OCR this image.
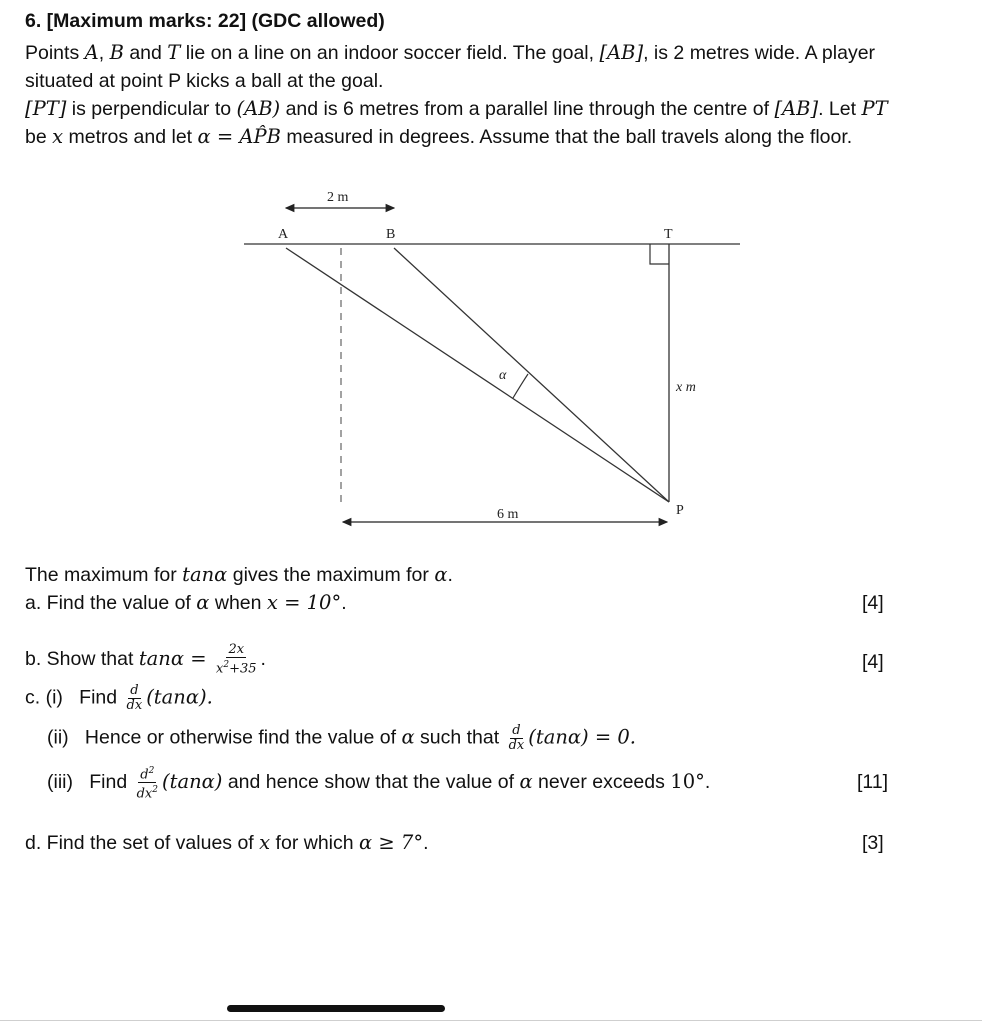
6. [Maximum marks: 22] (GDC allowed)
Points A, B and T lie on a line on an indoor soccer field. The goal, [AB], is 2 metres wide. A player
situated at point P kicks a ball at the goal.
[PT] is perpendicular to (AB) and is 6 metres from a parallel line through the centre of [AB]. Let PT
be x metros and let α = AP̂B measured in degrees. Assume that the ball travels along the floor.
2 m
A	B	T
α
x m
6 m	P
The maximum for tanα gives the maximum for α.
a. Find the value of α when x = 10°.	[4]
b. Show that $\tan\alpha = \frac{2x}{x^2+35}$ .	[4]
c. (i) Find $\frac{d}{dx} (\tan\alpha)$.
(ii) Hence or otherwise find the value of α such that $\frac{d}{dx} (\tan\alpha) = 0$.
(iii) Find $\frac{d^2}{dx^2} (\tan\alpha)$ and hence show that the value of α never exceeds 10°.	[11]
d. Find the set of values of x for which α ≥ 7°.	[3]
